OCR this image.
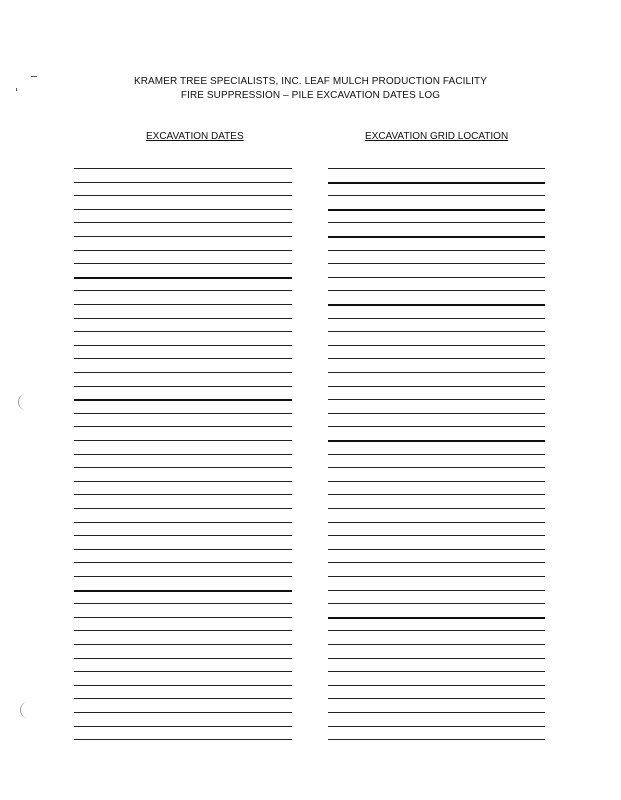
KRAMER TREE SPECIALISTS, INC. LEAF MULCH PRODUCTION FACILITY
FIRE SUPPRESSION – PILE EXCAVATION DATES LOG
EXCAVATION DATES	EXCAVATION GRID LOCATION
